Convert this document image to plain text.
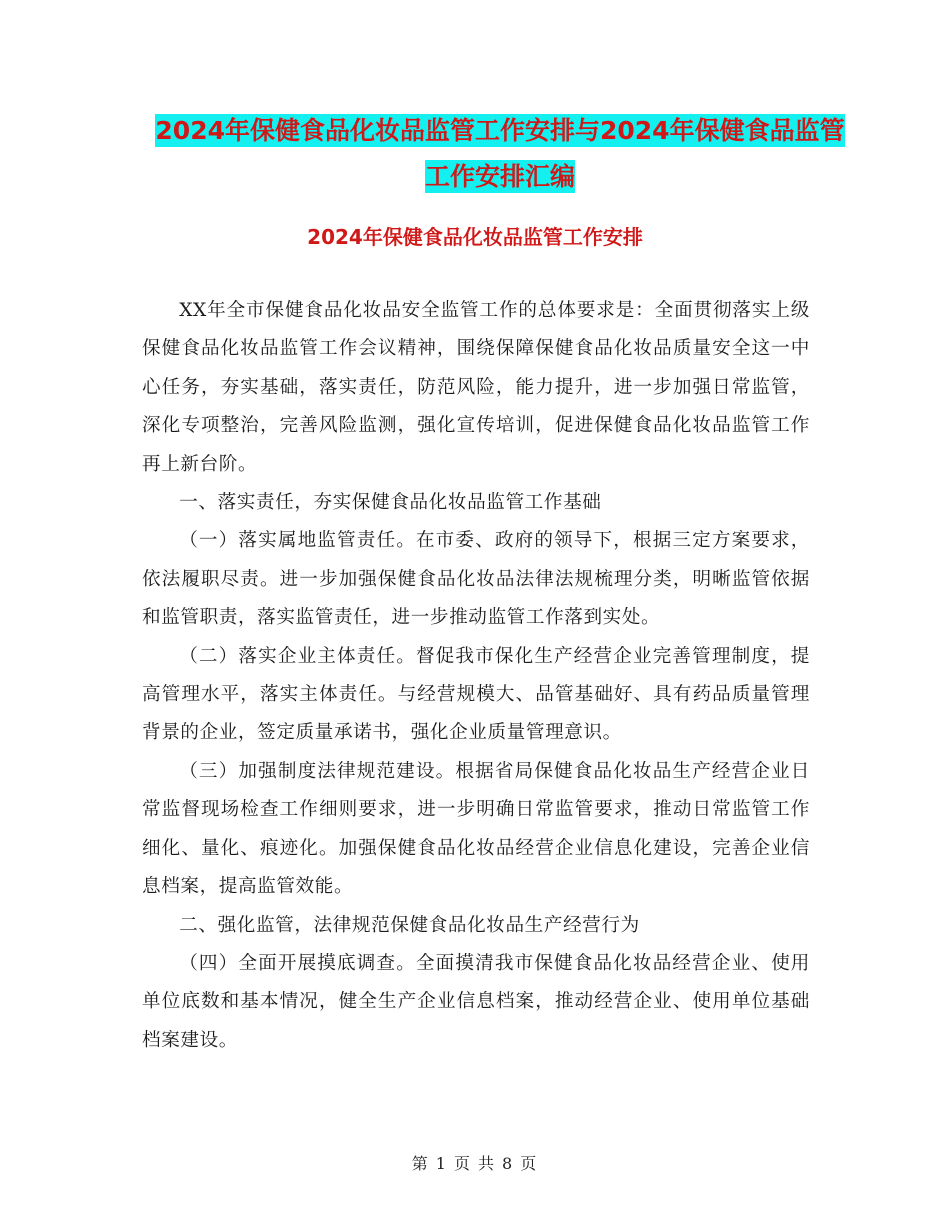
2024年保健食品化妆品监管工作安排与2024年保健食品监管工作安排汇编
2024年保健食品化妆品监管工作安排

XX年全市保健食品化妆品安全监管工作的总体要求是：全面贯彻落实上级保健食品化妆品监管工作会议精神，围绕保障保健食品化妆品质量安全这一中心任务，夯实基础，落实责任，防范风险，能力提升，进一步加强日常监管，深化专项整治，完善风险监测，强化宣传培训，促进保健食品化妆品监管工作再上新台阶。

一、落实责任，夯实保健食品化妆品监管工作基础

（一）落实属地监管责任。在市委、政府的领导下，根据三定方案要求，依法履职尽责。进一步加强保健食品化妆品法律法规梳理分类，明晰监管依据和监管职责，落实监管责任，进一步推动监管工作落到实处。

（二）落实企业主体责任。督促我市保化生产经营企业完善管理制度，提高管理水平，落实主体责任。与经营规模大、品管基础好、具有药品质量管理背景的企业，签定质量承诺书，强化企业质量管理意识。

（三）加强制度法律规范建设。根据省局保健食品化妆品生产经营企业日常监督现场检查工作细则要求，进一步明确日常监管要求，推动日常监管工作细化、量化、痕迹化。加强保健食品化妆品经营企业信息化建设，完善企业信息档案，提高监管效能。

二、强化监管，法律规范保健食品化妆品生产经营行为

（四）全面开展摸底调查。全面摸清我市保健食品化妆品经营企业、使用单位底数和基本情况，健全生产企业信息档案，推动经营企业、使用单位基础档案建设。

第 1 页 共 8 页
